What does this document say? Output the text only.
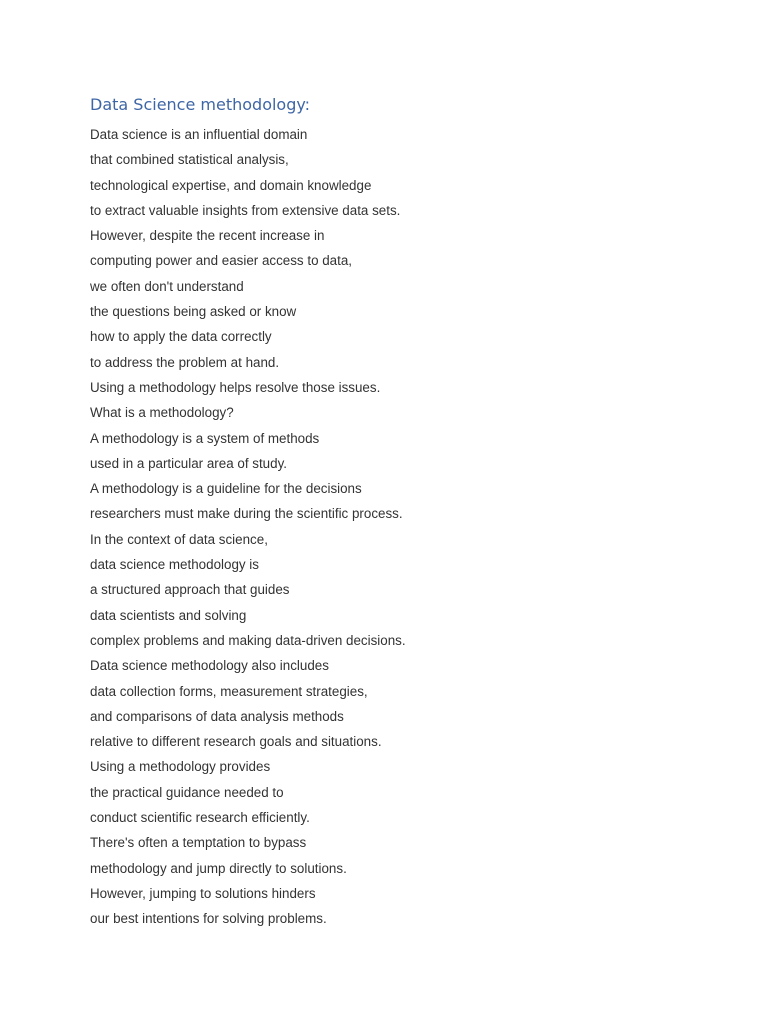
Data Science methodology:
Data science is an influential domain
that combined statistical analysis,
technological expertise, and domain knowledge
to extract valuable insights from extensive data sets.
However, despite the recent increase in
computing power and easier access to data,
we often don't understand
the questions being asked or know
how to apply the data correctly
to address the problem at hand.
Using a methodology helps resolve those issues.
What is a methodology?
A methodology is a system of methods
used in a particular area of study.
A methodology is a guideline for the decisions
researchers must make during the scientific process.
In the context of data science,
data science methodology is
a structured approach that guides
data scientists and solving
complex problems and making data-driven decisions.
Data science methodology also includes
data collection forms, measurement strategies,
and comparisons of data analysis methods
relative to different research goals and situations.
Using a methodology provides
the practical guidance needed to
conduct scientific research efficiently.
There's often a temptation to bypass
methodology and jump directly to solutions.
However, jumping to solutions hinders
our best intentions for solving problems.
